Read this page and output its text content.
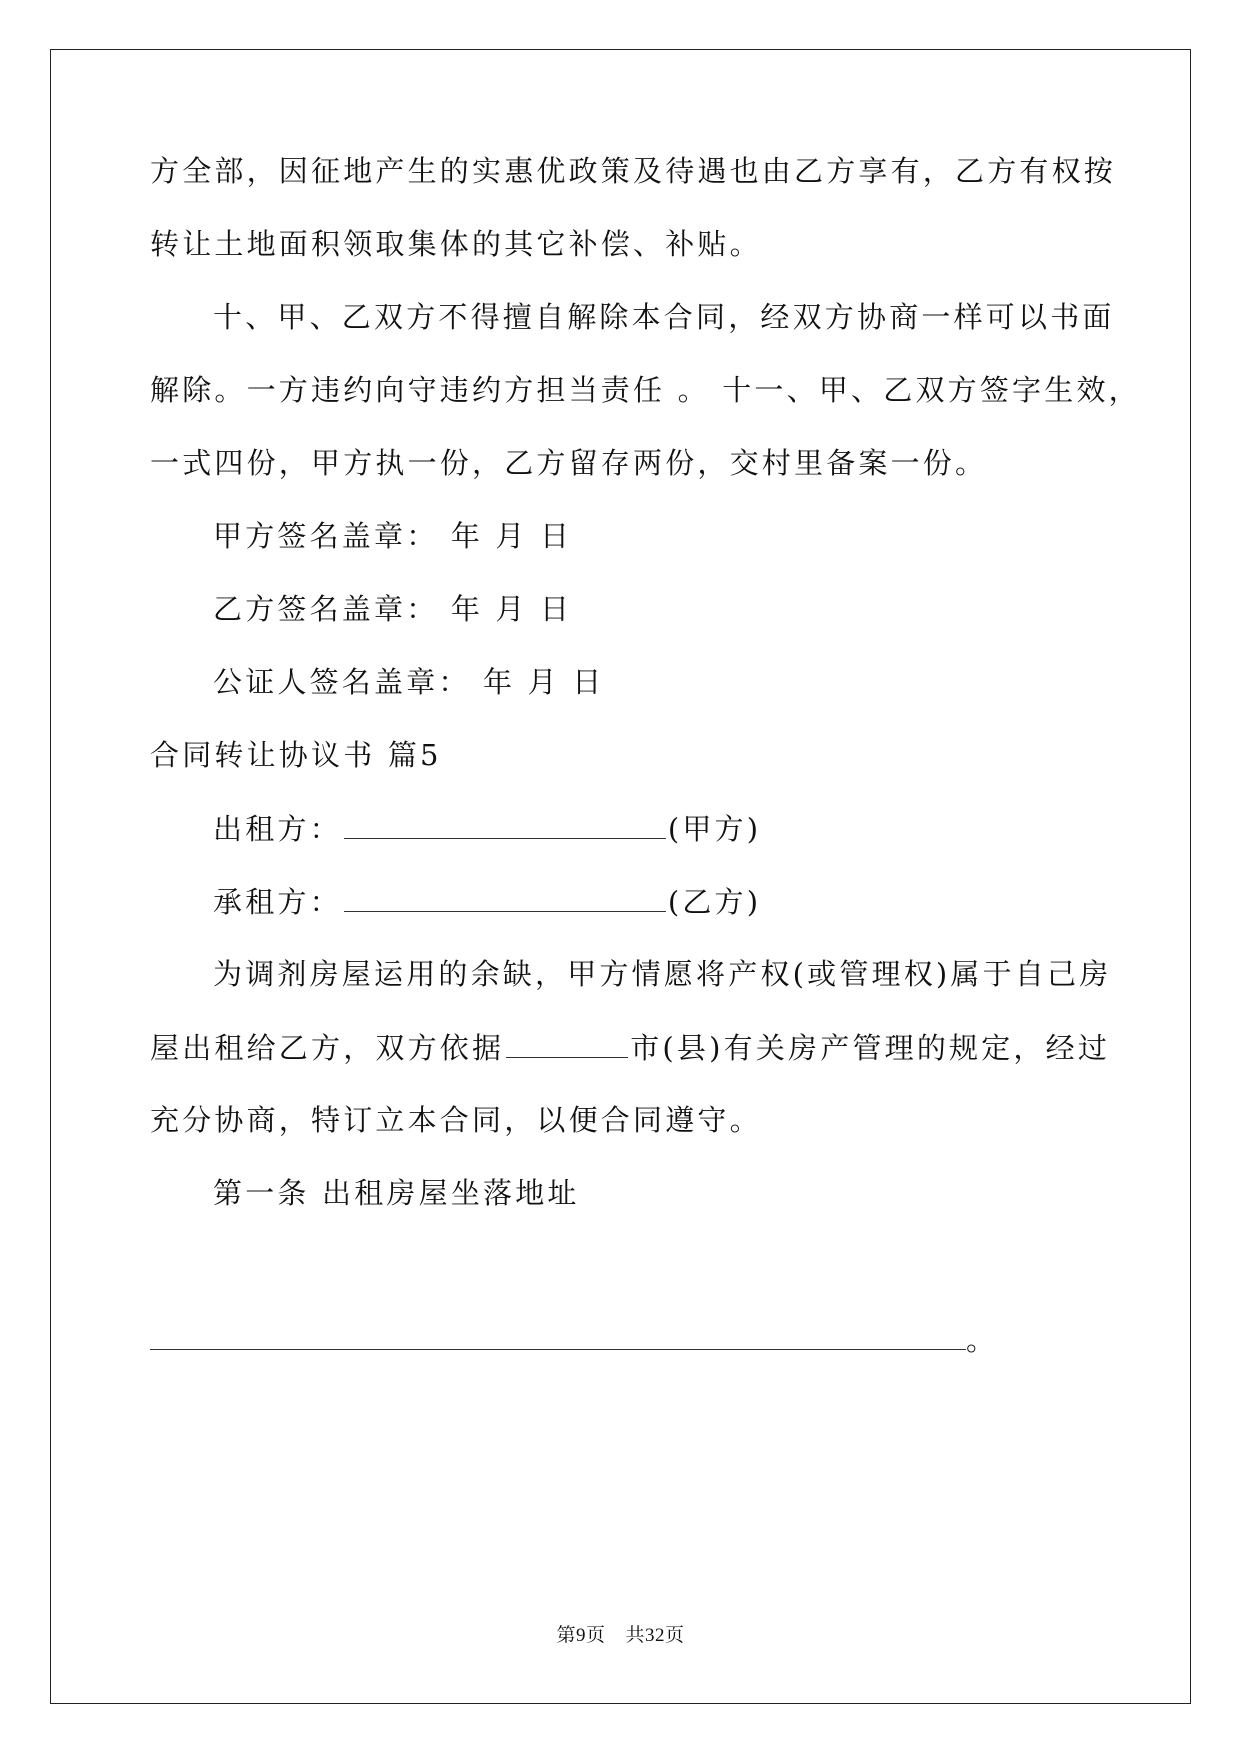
方全部，因征地产生的实惠优政策及待遇也由乙方享有，乙方有权按
转让土地面积领取集体的其它补偿、补贴。
十、甲、乙双方不得擅自解除本合同，经双方协商一样可以书面
解除。一方违约向守违约方担当责任 。 十一、甲、乙双方签字生效，
一式四份，甲方执一份，乙方留存两份，交村里备案一份。
甲方签名盖章： 年 月 日
乙方签名盖章： 年 月 日
公证人签名盖章： 年 月 日
合同转让协议书 篇5
出租方：	(甲方)
承租方：	(乙方)
为调剂房屋运用的余缺，甲方情愿将产权(或管理权)属于自己房
屋出租给乙方，双方依据	市(县)有关房产管理的规定，经过
充分协商，特订立本合同，以便合同遵守。
第一条 出租房屋坐落地址
。
第9页 共32页
